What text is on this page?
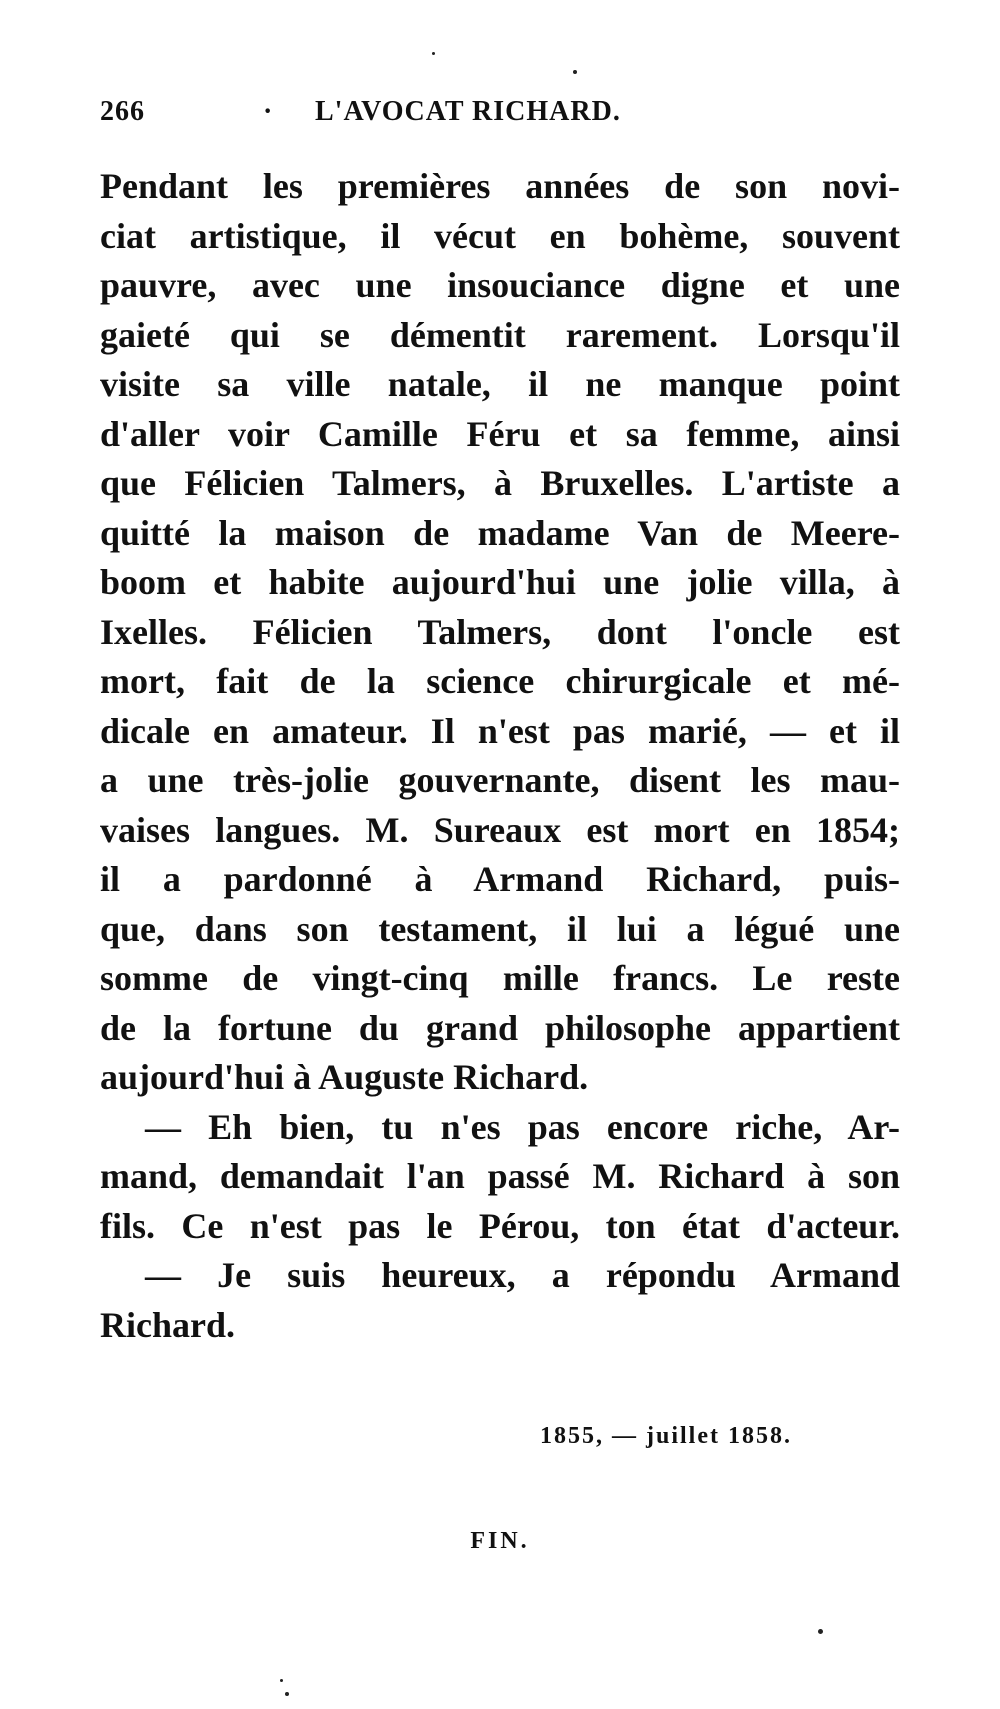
266	· L'AVOCAT RICHARD.
Pendant les premières années de son novi-
ciat artistique, il vécut en bohème, souvent
pauvre, avec une insouciance digne et une
gaieté qui se démentit rarement. Lorsqu'il
visite sa ville natale, il ne manque point
d'aller voir Camille Féru et sa femme, ainsi
que Félicien Talmers, à Bruxelles. L'artiste a
quitté la maison de madame Van de Meere-
boom et habite aujourd'hui une jolie villa, à
Ixelles. Félicien Talmers, dont l'oncle est
mort, fait de la science chirurgicale et mé-
dicale en amateur. Il n'est pas marié, — et il
a une très-jolie gouvernante, disent les mau-
vaises langues. M. Sureaux est mort en 1854;
il a pardonné à Armand Richard, puis-
que, dans son testament, il lui a légué une
somme de vingt-cinq mille francs. Le reste
de la fortune du grand philosophe appartient
aujourd'hui à Auguste Richard.
— Eh bien, tu n'es pas encore riche, Ar-
mand, demandait l'an passé M. Richard à son
fils. Ce n'est pas le Pérou, ton état d'acteur.
— Je suis heureux, a répondu Armand
Richard.
1855, — juillet 1858.
FIN.
